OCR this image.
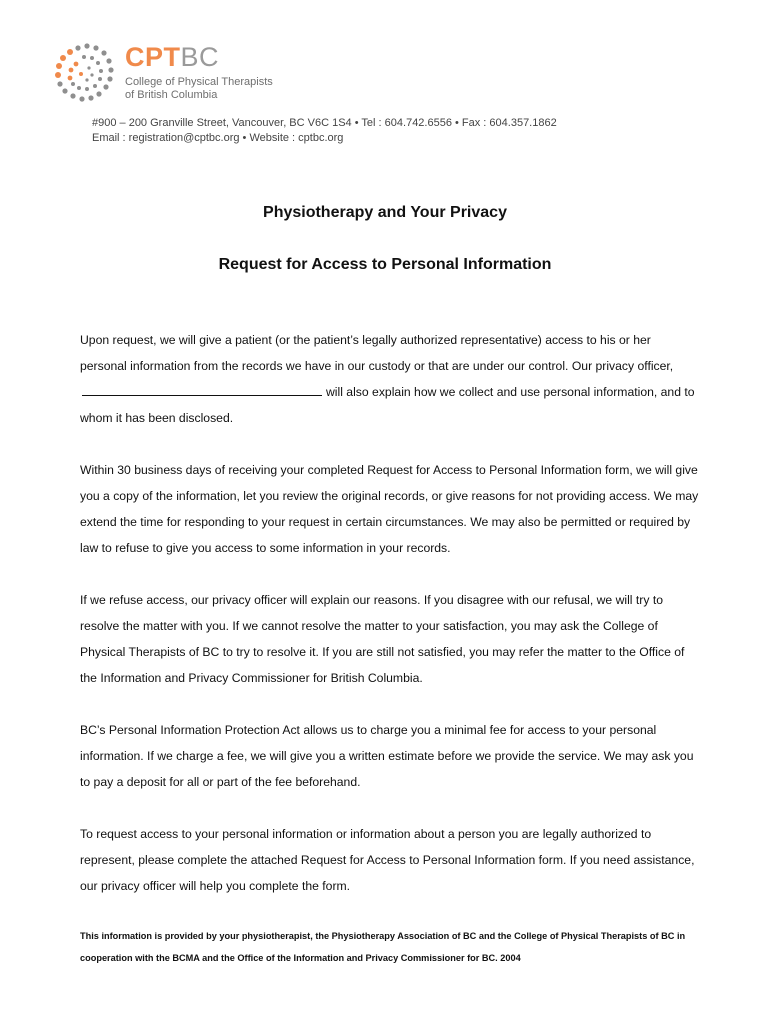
CPTBC
College of Physical Therapists
of British Columbia
#900 – 200 Granville Street, Vancouver, BC V6C 1S4 • Tel : 604.742.6556 • Fax : 604.357.1862
Email : registration@cptbc.org • Website : cptbc.org
Physiotherapy and Your Privacy
Request for Access to Personal Information

Upon request, we will give a patient (or the patient’s legally authorized representative) access to his or her personal information from the records we have in our custody or that are under our control. Our privacy officer, will also explain how we collect and use personal information, and to whom it has been disclosed.

Within 30 business days of receiving your completed Request for Access to Personal Information form, we will give you a copy of the information, let you review the original records, or give reasons for not providing access. We may extend the time for responding to your request in certain circumstances. We may also be permitted or required by law to refuse to give you access to some information in your records.

If we refuse access, our privacy officer will explain our reasons. If you disagree with our refusal, we will try to resolve the matter with you. If we cannot resolve the matter to your satisfaction, you may ask the College of Physical Therapists of BC to try to resolve it. If you are still not satisfied, you may refer the matter to the Office of the Information and Privacy Commissioner for British Columbia.

BC’s Personal Information Protection Act allows us to charge you a minimal fee for access to your personal information. If we charge a fee, we will give you a written estimate before we provide the service. We may ask you to pay a deposit for all or part of the fee beforehand.

To request access to your personal information or information about a person you are legally authorized to represent, please complete the attached Request for Access to Personal Information form. If you need assistance, our privacy officer will help you complete the form.

This information is provided by your physiotherapist, the Physiotherapy Association of BC and the College of Physical Therapists of BC in cooperation with the BCMA and the Office of the Information and Privacy Commissioner for BC. 2004
